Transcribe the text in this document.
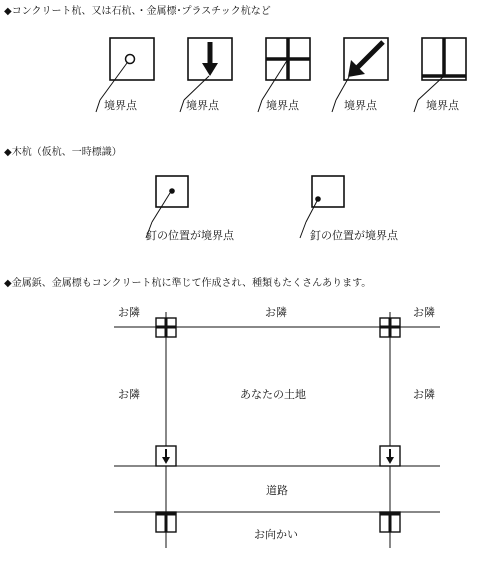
◆コンクリート杭、又は石杭、・金属標･プラスチック杭など
◆木杭（仮杭、一時標識）
◆金属鋲、金属標もコンクリート杭に準じて作成され、種類もたくさんあります。
境界点	境界点	境界点	境界点	境界点
釘の位置が境界点	釘の位置が境界点
お隣	お隣	お隣
お隣	お隣
あなたの土地
道路
お向かい
